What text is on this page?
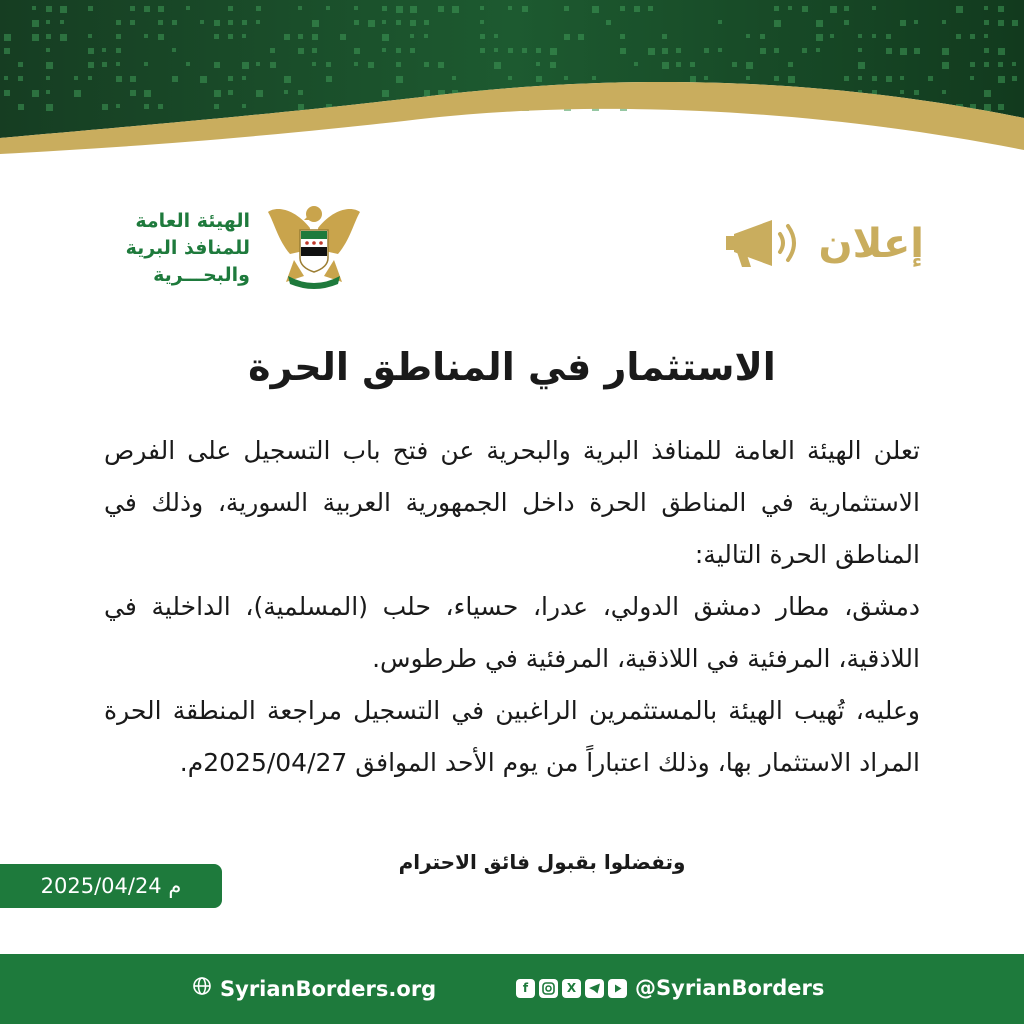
إعلان
الهيئة العامة
للمنافذ البرية
والبحـــرية
الاستثمار في المناطق الحرة

تعلن الهيئة العامة للمنافذ البرية والبحرية عن فتح باب التسجيل على الفرص الاستثمارية في المناطق الحرة داخل الجمهورية العربية السورية، وذلك في المناطق الحرة التالية:

دمشق، مطار دمشق الدولي، عدرا، حسياء، حلب (المسلمية)، الداخلية في اللاذقية، المرفئية في اللاذقية، المرفئية في طرطوس.

وعليه، تُهيب الهيئة بالمستثمرين الراغبين في التسجيل مراجعة المنطقة الحرة المراد الاستثمار بها، وذلك اعتباراً من يوم الأحد الموافق 2025/04/27م.

وتفضلوا بقبول فائق الاحترام
2025/04/24 م
SyrianBorders.org	f	X	@SyrianBorders
